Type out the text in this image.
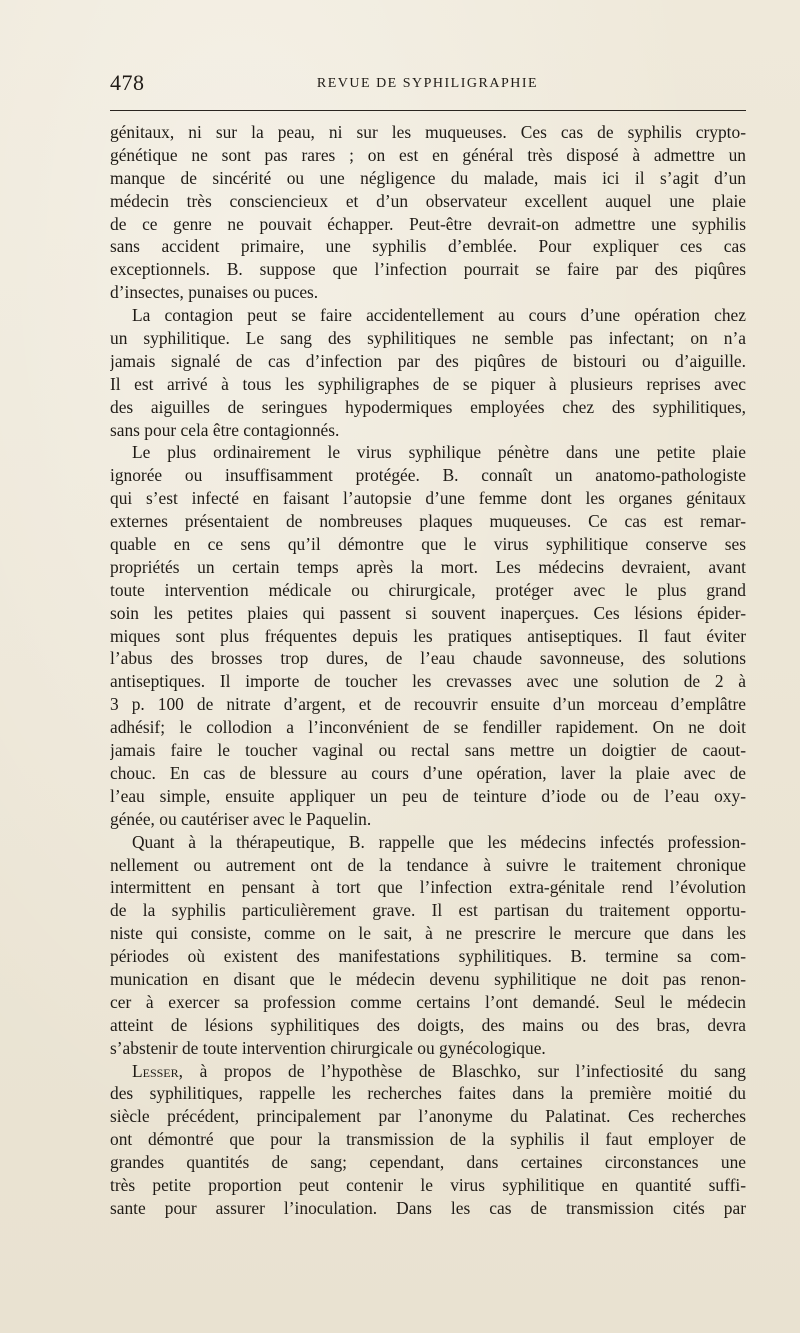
478	REVUE DE SYPHILIGRAPHIE
génitaux, ni sur la peau, ni sur les muqueuses. Ces cas de syphilis crypto-
génétique ne sont pas rares ; on est en général très disposé à admettre un
manque de sincérité ou une négligence du malade, mais ici il s’agit d’un
médecin très consciencieux et d’un observateur excellent auquel une plaie
de ce genre ne pouvait échapper. Peut-être devrait-on admettre une syphilis
sans accident primaire, une syphilis d’emblée. Pour expliquer ces cas
exceptionnels. B. suppose que l’infection pourrait se faire par des piqûres
d’insectes, punaises ou puces.
La contagion peut se faire accidentellement au cours d’une opération chez
un syphilitique. Le sang des syphilitiques ne semble pas infectant; on n’a
jamais signalé de cas d’infection par des piqûres de bistouri ou d’aiguille.
Il est arrivé à tous les syphiligraphes de se piquer à plusieurs reprises avec
des aiguilles de seringues hypodermiques employées chez des syphilitiques,
sans pour cela être contagionnés.
Le plus ordinairement le virus syphilique pénètre dans une petite plaie
ignorée ou insuffisamment protégée. B. connaît un anatomo-pathologiste
qui s’est infecté en faisant l’autopsie d’une femme dont les organes génitaux
externes présentaient de nombreuses plaques muqueuses. Ce cas est remar-
quable en ce sens qu’il démontre que le virus syphilitique conserve ses
propriétés un certain temps après la mort. Les médecins devraient, avant
toute intervention médicale ou chirurgicale, protéger avec le plus grand
soin les petites plaies qui passent si souvent inaperçues. Ces lésions épider-
miques sont plus fréquentes depuis les pratiques antiseptiques. Il faut éviter
l’abus des brosses trop dures, de l’eau chaude savonneuse, des solutions
antiseptiques. Il importe de toucher les crevasses avec une solution de 2 à
3 p. 100 de nitrate d’argent, et de recouvrir ensuite d’un morceau d’emplâtre
adhésif; le collodion a l’inconvénient de se fendiller rapidement. On ne doit
jamais faire le toucher vaginal ou rectal sans mettre un doigtier de caout-
chouc. En cas de blessure au cours d’une opération, laver la plaie avec de
l’eau simple, ensuite appliquer un peu de teinture d’iode ou de l’eau oxy-
génée, ou cautériser avec le Paquelin.
Quant à la thérapeutique, B. rappelle que les médecins infectés profession-
nellement ou autrement ont de la tendance à suivre le traitement chronique
intermittent en pensant à tort que l’infection extra-génitale rend l’évolution
de la syphilis particulièrement grave. Il est partisan du traitement opportu-
niste qui consiste, comme on le sait, à ne prescrire le mercure que dans les
périodes où existent des manifestations syphilitiques. B. termine sa com-
munication en disant que le médecin devenu syphilitique ne doit pas renon-
cer à exercer sa profession comme certains l’ont demandé. Seul le médecin
atteint de lésions syphilitiques des doigts, des mains ou des bras, devra
s’abstenir de toute intervention chirurgicale ou gynécologique.
Lesser, à propos de l’hypothèse de Blaschko, sur l’infectiosité du sang
des syphilitiques, rappelle les recherches faites dans la première moitié du
siècle précédent, principalement par l’anonyme du Palatinat. Ces recherches
ont démontré que pour la transmission de la syphilis il faut employer de
grandes quantités de sang; cependant, dans certaines circonstances une
très petite proportion peut contenir le virus syphilitique en quantité suffi-
sante pour assurer l’inoculation. Dans les cas de transmission cités par
